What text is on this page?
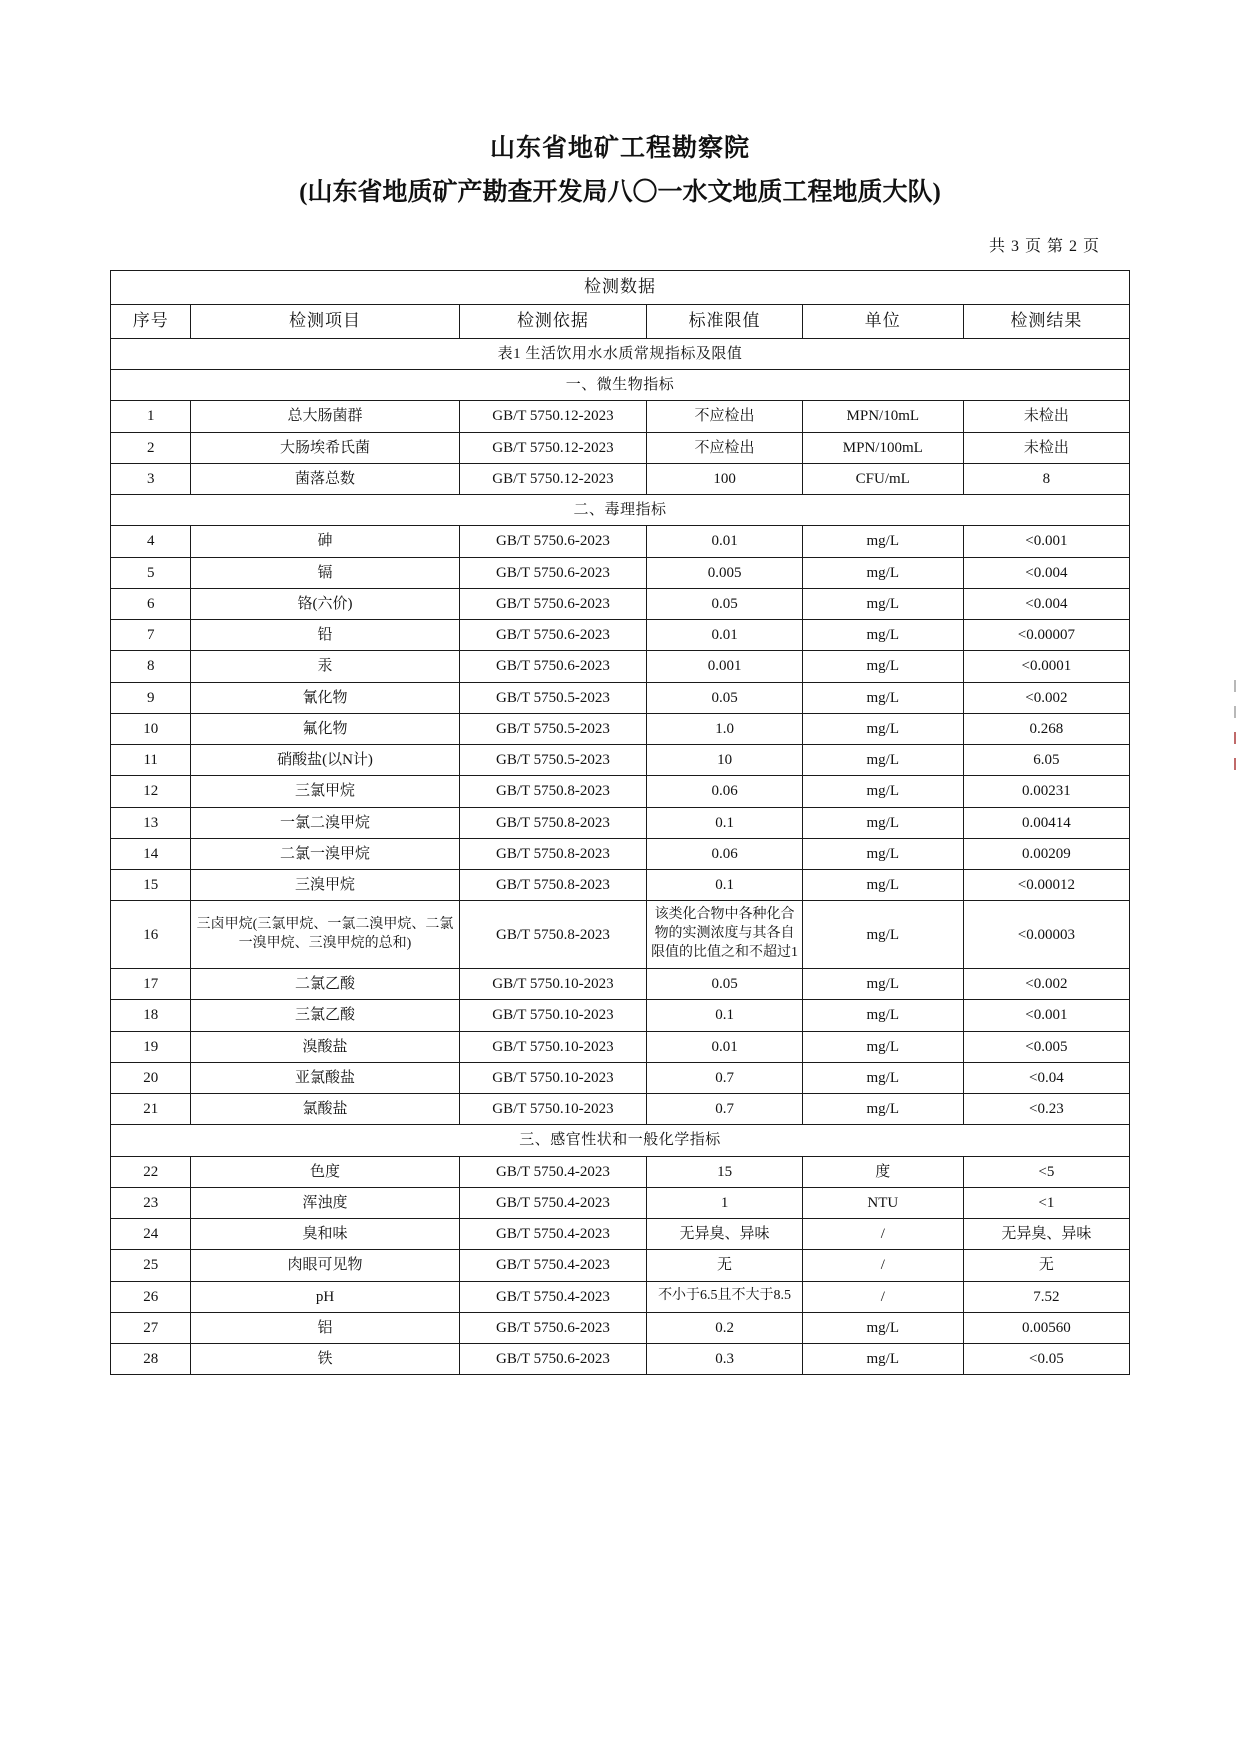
山东省地矿工程勘察院
(山东省地质矿产勘查开发局八〇一水文地质工程地质大队)
共 3 页 第 2 页
检测数据					
序号	检测项目	检测依据	标准限值	单位	检测结果
表1 生活饮用水水质常规指标及限值					
一、微生物指标					
1	总大肠菌群	GB/T 5750.12-2023	不应检出	MPN/10mL	未检出
2	大肠埃希氏菌	GB/T 5750.12-2023	不应检出	MPN/100mL	未检出
3	菌落总数	GB/T 5750.12-2023	100	CFU/mL	8
二、毒理指标					
4	砷	GB/T 5750.6-2023	0.01	mg/L	<0.001
5	镉	GB/T 5750.6-2023	0.005	mg/L	<0.004
6	铬(六价)	GB/T 5750.6-2023	0.05	mg/L	<0.004
7	铅	GB/T 5750.6-2023	0.01	mg/L	<0.00007
8	汞	GB/T 5750.6-2023	0.001	mg/L	<0.0001
9	氰化物	GB/T 5750.5-2023	0.05	mg/L	<0.002
10	氟化物	GB/T 5750.5-2023	1.0	mg/L	0.268
11	硝酸盐(以N计)	GB/T 5750.5-2023	10	mg/L	6.05
12	三氯甲烷	GB/T 5750.8-2023	0.06	mg/L	0.00231
13	一氯二溴甲烷	GB/T 5750.8-2023	0.1	mg/L	0.00414
14	二氯一溴甲烷	GB/T 5750.8-2023	0.06	mg/L	0.00209
15	三溴甲烷	GB/T 5750.8-2023	0.1	mg/L	<0.00012
16	三卤甲烷(三氯甲烷、一氯二溴甲烷、二氯一溴甲烷、三溴甲烷的总和)	GB/T 5750.8-2023	该类化合物中各种化合物的实测浓度与其各自限值的比值之和不超过1	mg/L	<0.00003
17	二氯乙酸	GB/T 5750.10-2023	0.05	mg/L	<0.002
18	三氯乙酸	GB/T 5750.10-2023	0.1	mg/L	<0.001
19	溴酸盐	GB/T 5750.10-2023	0.01	mg/L	<0.005
20	亚氯酸盐	GB/T 5750.10-2023	0.7	mg/L	<0.04
21	氯酸盐	GB/T 5750.10-2023	0.7	mg/L	<0.23
三、感官性状和一般化学指标					
22	色度	GB/T 5750.4-2023	15	度	<5
23	浑浊度	GB/T 5750.4-2023	1	NTU	<1
24	臭和味	GB/T 5750.4-2023	无异臭、异味	/	无异臭、异味
25	肉眼可见物	GB/T 5750.4-2023	无	/	无
26	pH	GB/T 5750.4-2023	不小于6.5且不大于8.5	/	7.52
27	铝	GB/T 5750.6-2023	0.2	mg/L	0.00560
28	铁	GB/T 5750.6-2023	0.3	mg/L	<0.05
